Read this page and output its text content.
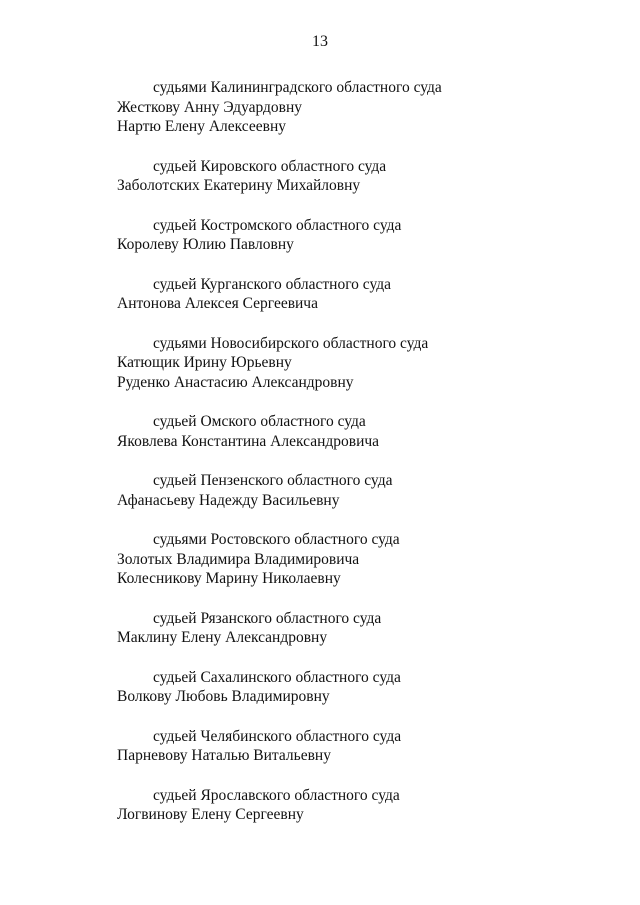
13
судьями Калининградского областного суда
Жесткову Анну Эдуардовну
Нартю Елену Алексеевну
судьей Кировского областного суда
Заболотских Екатерину Михайловну
судьей Костромского областного суда
Королеву Юлию Павловну
судьей Курганского областного суда
Антонова Алексея Сергеевича
судьями Новосибирского областного суда
Катющик Ирину Юрьевну
Руденко Анастасию Александровну
судьей Омского областного суда
Яковлева Константина Александровича
судьей Пензенского областного суда
Афанасьеву Надежду Васильевну
судьями Ростовского областного суда
Золотых Владимира Владимировича
Колесникову Марину Николаевну
судьей Рязанского областного суда
Маклину Елену Александровну
судьей Сахалинского областного суда
Волкову Любовь Владимировну
судьей Челябинского областного суда
Парневову Наталью Витальевну
судьей Ярославского областного суда
Логвинову Елену Сергеевну
